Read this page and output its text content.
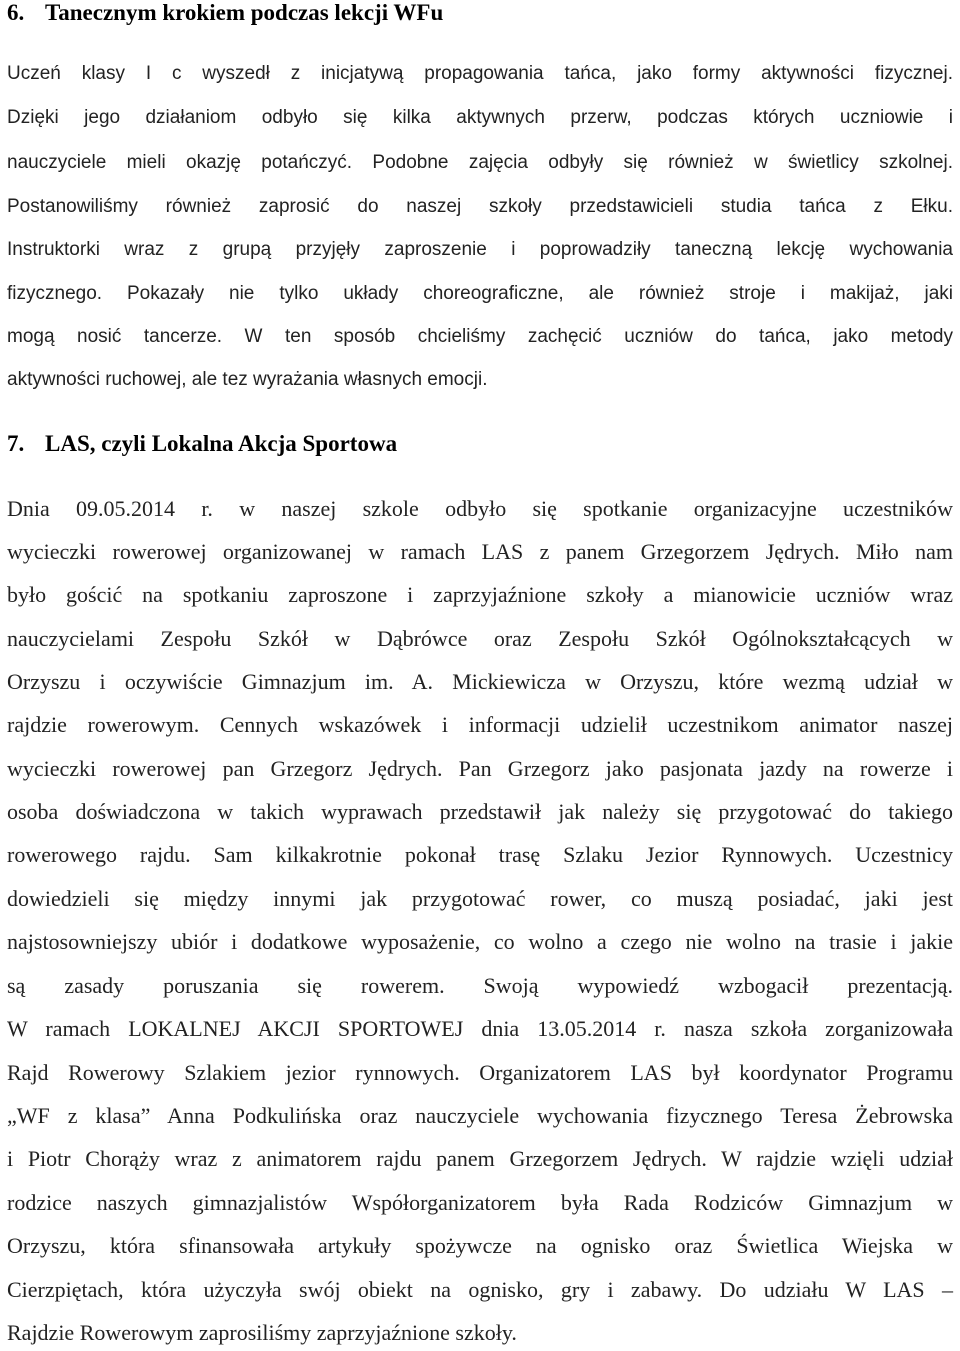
6. Tanecznym krokiem podczas lekcji WFu

Uczeń klasy I c wyszedł z inicjatywą propagowania tańca, jako formy aktywności fizycznej.

Dzięki jego działaniom odbyło się kilka aktywnych przerw, podczas których uczniowie i

nauczyciele mieli okazję potańczyć. Podobne zajęcia odbyły się również w świetlicy szkolnej.

Postanowiliśmy również zaprosić do naszej szkoły przedstawicieli studia tańca z Ełku.

Instruktorki wraz z grupą przyjęły zaproszenie i poprowadziły taneczną lekcję wychowania

fizycznego. Pokazały nie tylko układy choreograficzne, ale również stroje i makijaż, jaki

mogą nosić tancerze. W ten sposób chcieliśmy zachęcić uczniów do tańca, jako metody

aktywności ruchowej, ale tez wyrażania własnych emocji.

7. LAS, czyli Lokalna Akcja Sportowa

Dnia 09.05.2014 r. w naszej szkole odbyło się spotkanie organizacyjne uczestników

wycieczki rowerowej organizowanej w ramach LAS z panem Grzegorzem Jędrych. Miło nam

było gościć na spotkaniu zaproszone i zaprzyjaźnione szkoły a mianowicie uczniów wraz

nauczycielami Zespołu Szkół w Dąbrówce oraz Zespołu Szkół Ogólnokształcących w

Orzyszu i oczywiście Gimnazjum im. A. Mickiewicza w Orzyszu, które wezmą udział w

rajdzie rowerowym. Cennych wskazówek i informacji udzielił uczestnikom animator naszej

wycieczki rowerowej pan Grzegorz Jędrych. Pan Grzegorz jako pasjonata jazdy na rowerze i

osoba doświadczona w takich wyprawach przedstawił jak należy się przygotować do takiego

rowerowego rajdu. Sam kilkakrotnie pokonał trasę Szlaku Jezior Rynnowych. Uczestnicy

dowiedzieli się między innymi jak przygotować rower, co muszą posiadać, jaki jest

najstosowniejszy ubiór i dodatkowe wyposażenie, co wolno a czego nie wolno na trasie i jakie

są zasady poruszania się rowerem. Swoją wypowiedź wzbogacił prezentacją.

W ramach LOKALNEJ AKCJI SPORTOWEJ dnia 13.05.2014 r. nasza szkoła zorganizowała

Rajd Rowerowy Szlakiem jezior rynnowych. Organizatorem LAS był koordynator Programu

„WF z klasa” Anna Podkulińska oraz nauczyciele wychowania fizycznego Teresa Żebrowska

i Piotr Chorąży wraz z animatorem rajdu panem Grzegorzem Jędrych. W rajdzie wzięli udział

rodzice naszych gimnazjalistów Współorganizatorem była Rada Rodziców Gimnazjum w

Orzyszu, która sfinansowała artykuły spożywcze na ognisko oraz Świetlica Wiejska w

Cierzpiętach, która użyczyła swój obiekt na ognisko, gry i zabawy. Do udziału W LAS –

Rajdzie Rowerowym zaprosiliśmy zaprzyjaźnione szkoły.
